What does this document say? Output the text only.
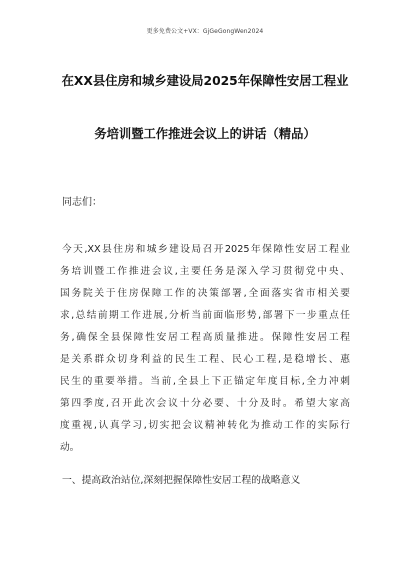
更多免费公文+VX：GjGeGongWen2024
在XX县住房和城乡建设局2025年保障性安居工程业
务培训暨工作推进会议上的讲话（精品）
同志们：
今天,XX县住房和城乡建设局召开2025年保障性安居工程业
务培训暨工作推进会议,主要任务是深入学习贯彻党中央、
国务院关于住房保障工作的决策部署,全面落实省市相关要
求,总结前期工作进展,分析当前面临形势,部署下一步重点任
务,确保全县保障性安居工程高质量推进。保障性安居工程
是关系群众切身利益的民生工程、民心工程,是稳增长、惠
民生的重要举措。当前,全县上下正锚定年度目标,全力冲刺
第四季度,召开此次会议十分必要、十分及时。希望大家高
度重视,认真学习,切实把会议精神转化为推动工作的实际行
动。
一、提高政治站位,深刻把握保障性安居工程的战略意义
